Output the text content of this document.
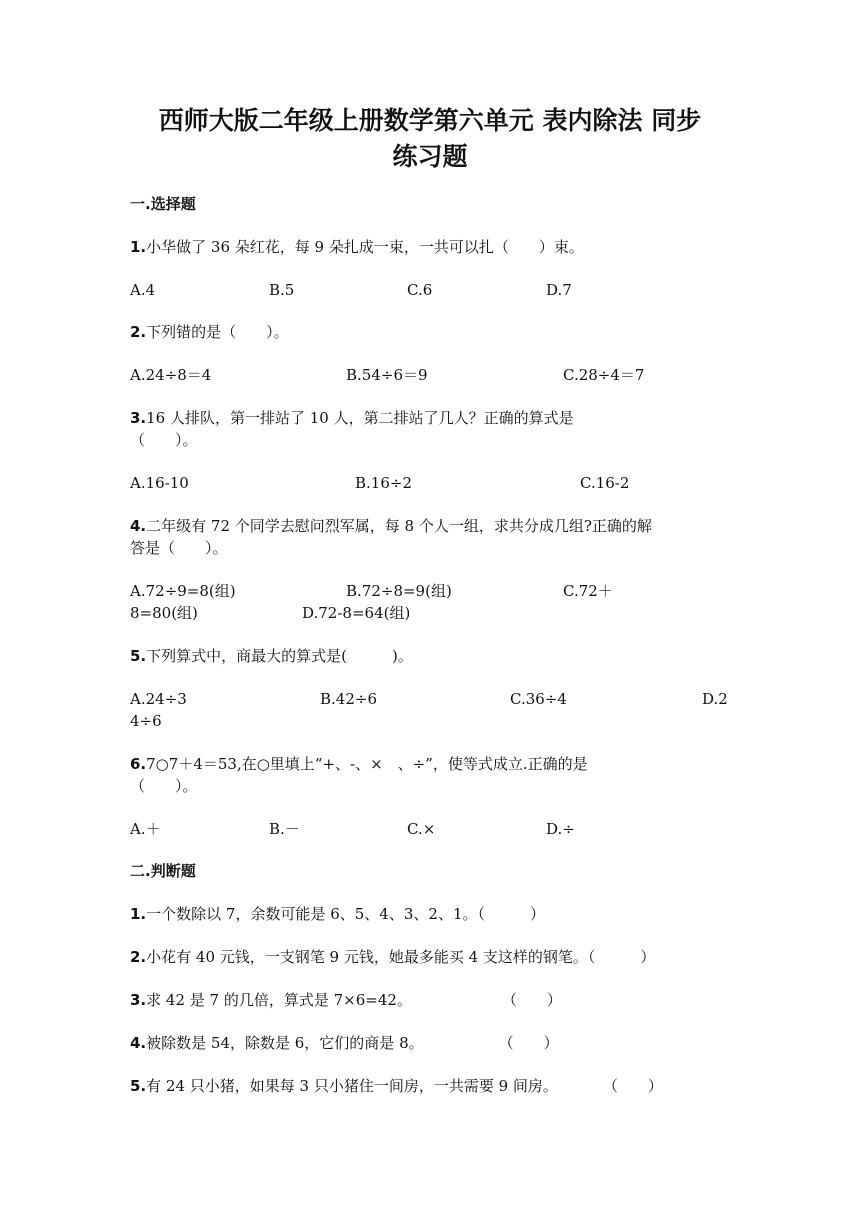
西师大版二年级上册数学第六单元 表内除法 同步
练习题
一.选择题
1.小华做了 36 朵红花，每 9 朵扎成一束，一共可以扎（　　）束。
A.4	B.5	C.6	D.7
2.下列错的是（　　）。
A.24÷8＝4	B.54÷6＝9	C.28÷4＝7
3.16 人排队，第一排站了 10 人，第二排站了几人？正确的算式是
（　　）。
A.16-10	B.16÷2	C.16-2
4.二年级有 72 个同学去慰问烈军属，每 8 个人一组，求共分成几组?正确的解
答是（　　）。
A.72÷9=8(组)	B.72÷8=9(组)	C.72＋
8=80(组)	D.72-8=64(组)
5.下列算式中，商最大的算式是(　　　)。
A.24÷3	B.42÷6	C.36÷4	D.2
4÷6
6.7○7＋4＝53,在○里填上“+、-、×　、÷”，使等式成立.正确的是
（　　）。
A.＋	B.－	C.×	D.÷
二.判断题
1.一个数除以 7，余数可能是 6、5、4、3、2、1。（　　　）
2.小花有 40 元钱，一支钢笔 9 元钱，她最多能买 4 支这样的钢笔。（　　　）
3.求 42 是 7 的几倍，算式是 7×6=42。　　　　　　　（　　）
4.被除数是 54，除数是 6，它们的商是 8。　　　　　　（　　）
5.有 24 只小猪，如果每 3 只小猪住一间房，一共需要 9 间房。　　　　（　　）
